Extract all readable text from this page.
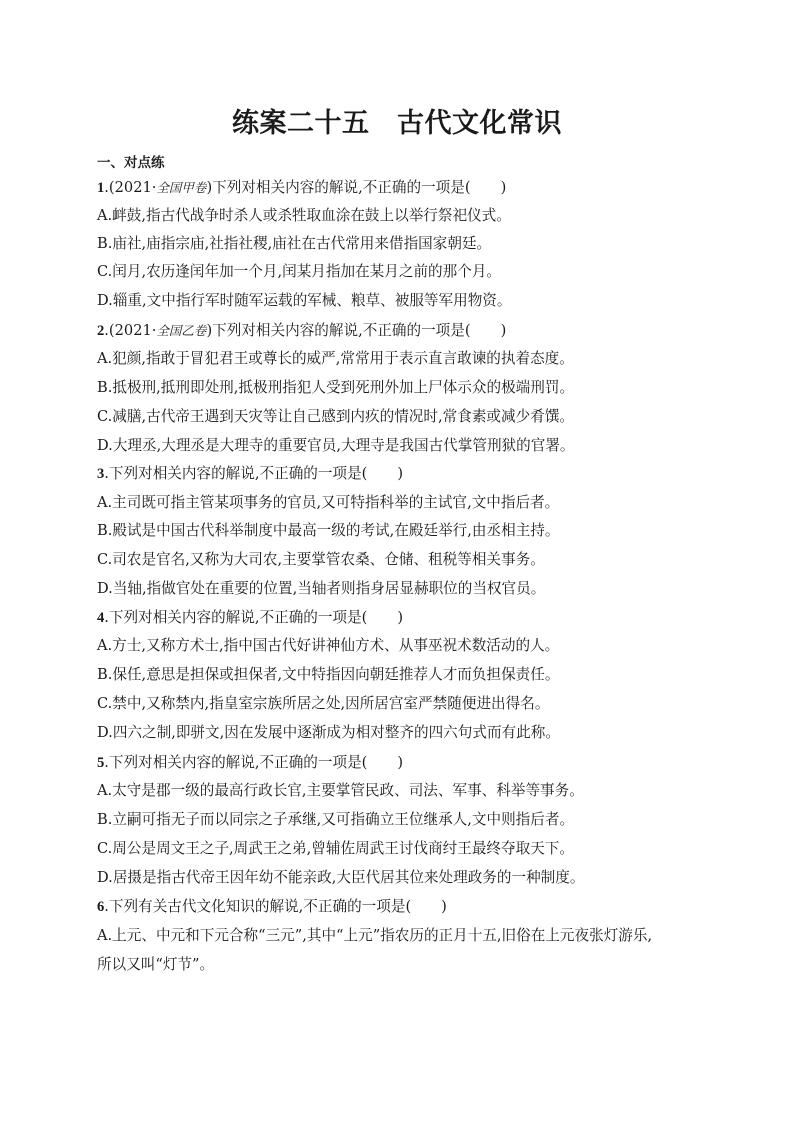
练案二十五　古代文化常识
一、对点练
1.(2021·全国甲卷)下列对相关内容的解说,不正确的一项是( )
A.衅鼓,指古代战争时杀人或杀牲取血涂在鼓上以举行祭祀仪式。
B.庙社,庙指宗庙,社指社稷,庙社在古代常用来借指国家朝廷。
C.闰月,农历逢闰年加一个月,闰某月指加在某月之前的那个月。
D.辎重,文中指行军时随军运载的军械、粮草、被服等军用物资。
2.(2021·全国乙卷)下列对相关内容的解说,不正确的一项是( )
A.犯颜,指敢于冒犯君王或尊长的威严,常常用于表示直言敢谏的执着态度。
B.抵极刑,抵刑即处刑,抵极刑指犯人受到死刑外加上尸体示众的极端刑罚。
C.减膳,古代帝王遇到天灾等让自己感到内疚的情况时,常食素或减少肴馔。
D.大理丞,大理丞是大理寺的重要官员,大理寺是我国古代掌管刑狱的官署。
3.下列对相关内容的解说,不正确的一项是( )
A.主司既可指主管某项事务的官员,又可特指科举的主试官,文中指后者。
B.殿试是中国古代科举制度中最高一级的考试,在殿廷举行,由丞相主持。
C.司农是官名,又称为大司农,主要掌管农桑、仓储、租税等相关事务。
D.当轴,指做官处在重要的位置,当轴者则指身居显赫职位的当权官员。
4.下列对相关内容的解说,不正确的一项是( )
A.方士,又称方术士,指中国古代好讲神仙方术、从事巫祝术数活动的人。
B.保任,意思是担保或担保者,文中特指因向朝廷推荐人才而负担保责任。
C.禁中,又称禁内,指皇室宗族所居之处,因所居宫室严禁随便进出得名。
D.四六之制,即骈文,因在发展中逐渐成为相对整齐的四六句式而有此称。
5.下列对相关内容的解说,不正确的一项是( )
A.太守是郡一级的最高行政长官,主要掌管民政、司法、军事、科举等事务。
B.立嗣可指无子而以同宗之子承继,又可指确立王位继承人,文中则指后者。
C.周公是周文王之子,周武王之弟,曾辅佐周武王讨伐商纣王最终夺取天下。
D.居摄是指古代帝王因年幼不能亲政,大臣代居其位来处理政务的一种制度。
6.下列有关古代文化知识的解说,不正确的一项是( )
A.上元、中元和下元合称“三元”,其中“上元”指农历的正月十五,旧俗在上元夜张灯游乐,
所以又叫“灯节”。
